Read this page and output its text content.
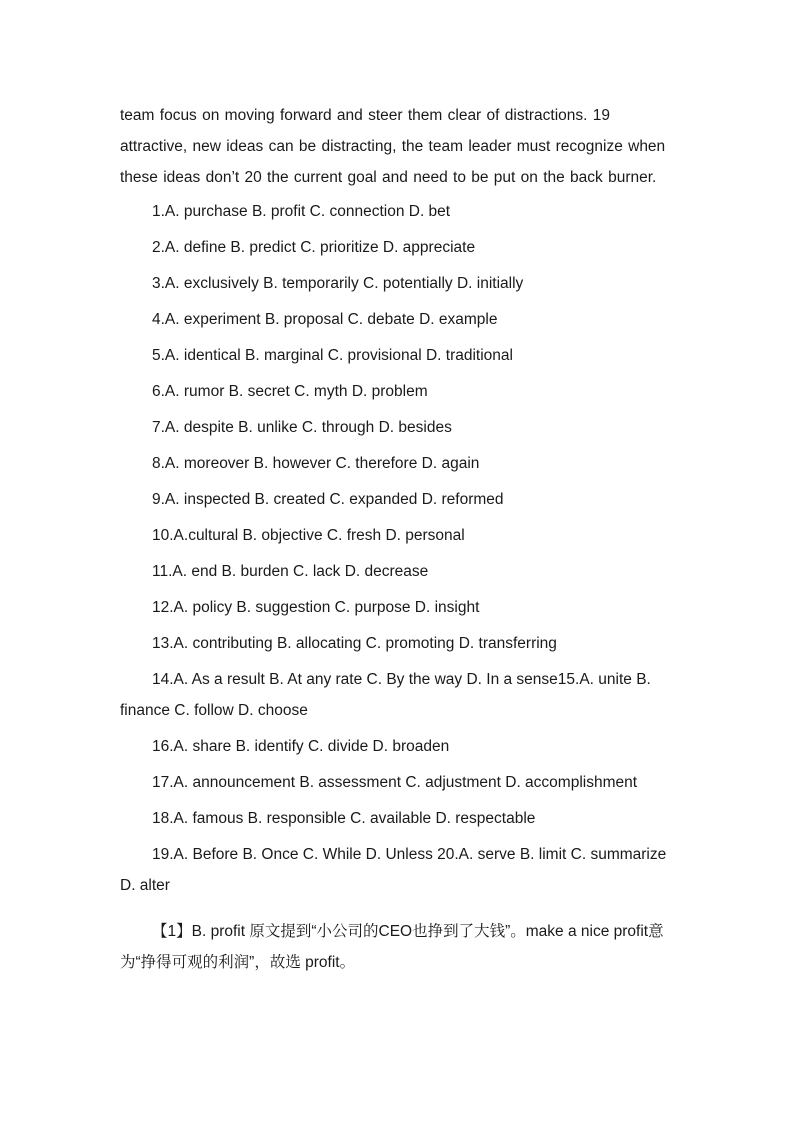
team focus on moving forward and steer them clear of distractions. 19
attractive, new ideas can be distracting, the team leader must recognize when
these ideas don’t 20 the current goal and need to be put on the back burner.

1.A. purchase B. profit C. connection D. bet

2.A. define B. predict C. prioritize D. appreciate

3.A. exclusively B. temporarily C. potentially D. initially

4.A. experiment B. proposal C. debate D. example

5.A. identical B. marginal C. provisional D. traditional

6.A. rumor B. secret C. myth D. problem

7.A. despite B. unlike C. through D. besides

8.A. moreover B. however C. therefore D. again

9.A. inspected B. created C. expanded D. reformed

10.A.cultural B. objective C. fresh D. personal

11.A. end B. burden C. lack D. decrease

12.A. policy B. suggestion C. purpose D. insight

13.A. contributing B. allocating C. promoting D. transferring

14.A. As a result B. At any rate C. By the way D. In a sense15.A. unite B. finance C. follow D. choose

16.A. share B. identify C. divide D. broaden

17.A. announcement B. assessment C. adjustment D. accomplishment

18.A. famous B. responsible C. available D. respectable

19.A. Before B. Once C. While D. Unless 20.A. serve B. limit C. summarize D. alter

【1】B. profit 原文提到“小公司的CEO也挣到了大钱”。make a nice profit意为“挣得可观的利润”，故选 profit。
